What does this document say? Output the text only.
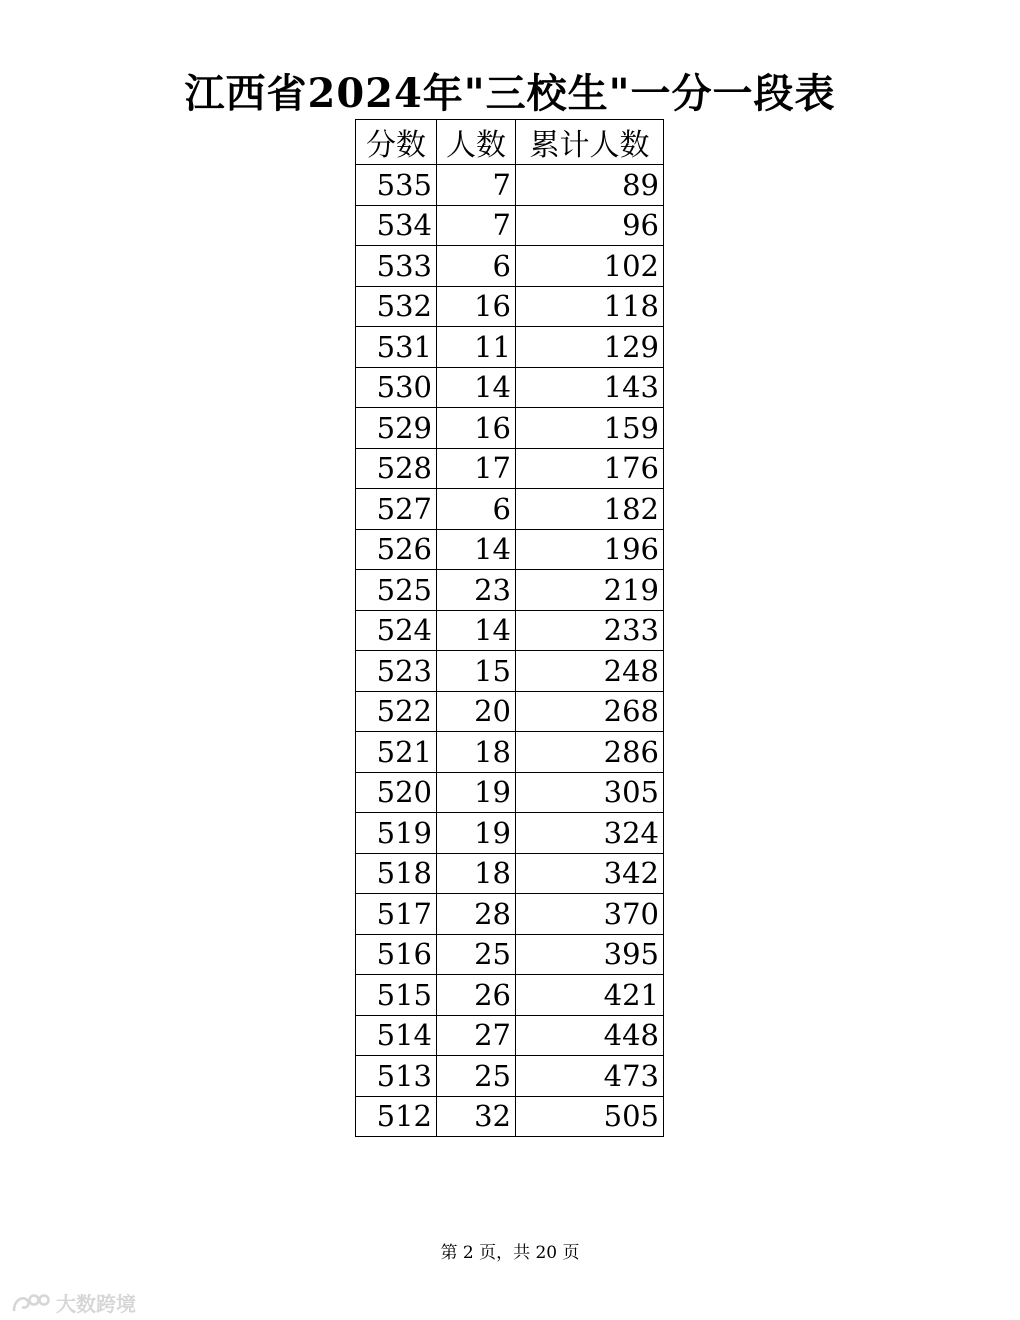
江西省2024年"三校生"一分一段表
分数	人数	累计人数
535	7	89
534	7	96
533	6	102
532	16	118
531	11	129
530	14	143
529	16	159
528	17	176
527	6	182
526	14	196
525	23	219
524	14	233
523	15	248
522	20	268
521	18	286
520	19	305
519	19	324
518	18	342
517	28	370
516	25	395
515	26	421
514	27	448
513	25	473
512	32	505
第 2 页，共 20 页
大数跨境
